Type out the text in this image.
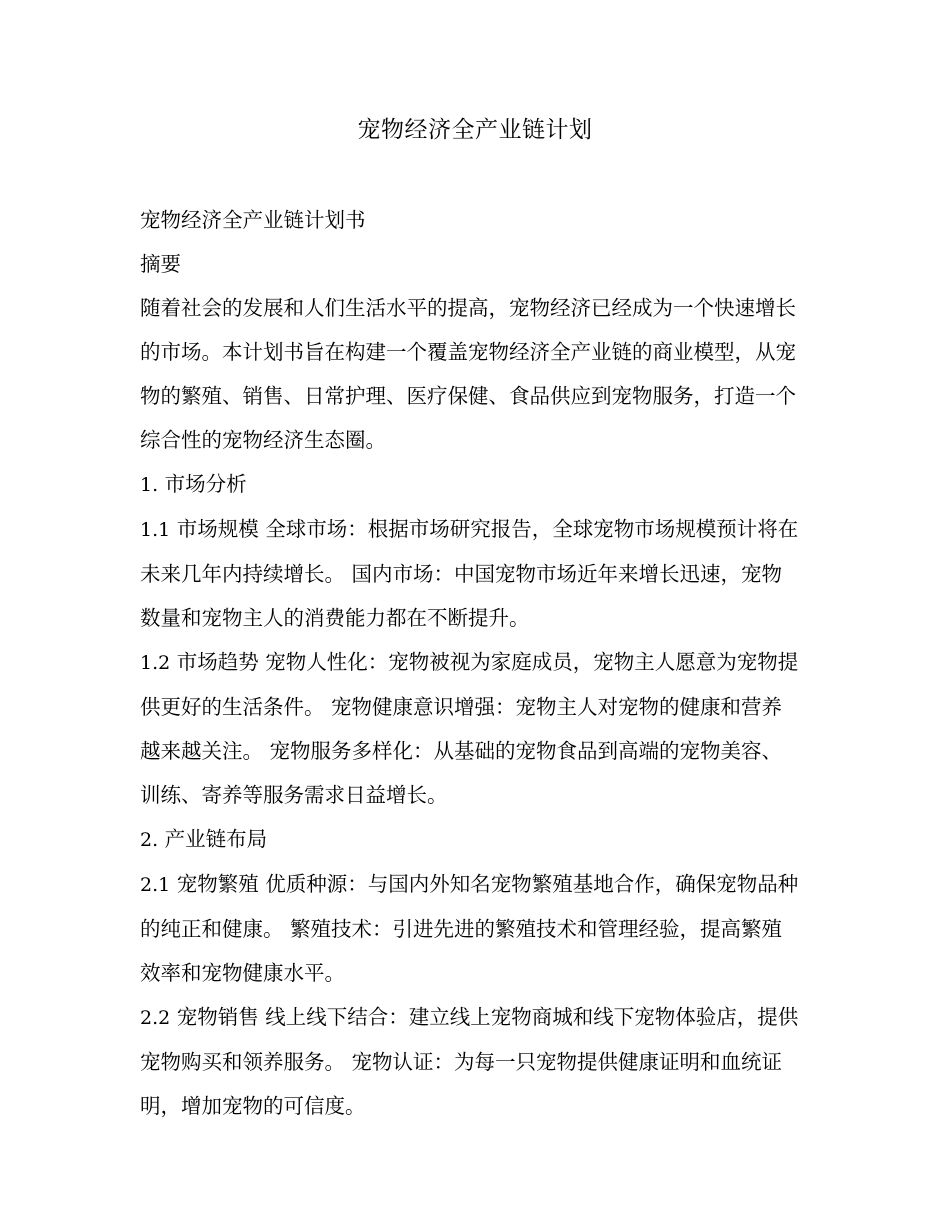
宠物经济全产业链计划

宠物经济全产业链计划书

摘要

随着社会的发展和人们生活水平的提高，宠物经济已经成为一个快速增长的市场。本计划书旨在构建一个覆盖宠物经济全产业链的商业模型，从宠物的繁殖、销售、日常护理、医疗保健、食品供应到宠物服务，打造一个综合性的宠物经济生态圈。

1. 市场分析

1.1 市场规模 全球市场：根据市场研究报告，全球宠物市场规模预计将在未来几年内持续增长。 国内市场：中国宠物市场近年来增长迅速，宠物数量和宠物主人的消费能力都在不断提升。

1.2 市场趋势 宠物人性化：宠物被视为家庭成员，宠物主人愿意为宠物提供更好的生活条件。 宠物健康意识增强：宠物主人对宠物的健康和营养越来越关注。 宠物服务多样化：从基础的宠物食品到高端的宠物美容、训练、寄养等服务需求日益增长。

2. 产业链布局

2.1 宠物繁殖 优质种源：与国内外知名宠物繁殖基地合作，确保宠物品种的纯正和健康。 繁殖技术：引进先进的繁殖技术和管理经验，提高繁殖效率和宠物健康水平。

2.2 宠物销售 线上线下结合：建立线上宠物商城和线下宠物体验店，提供宠物购买和领养服务。 宠物认证：为每一只宠物提供健康证明和血统证明，增加宠物的可信度。
